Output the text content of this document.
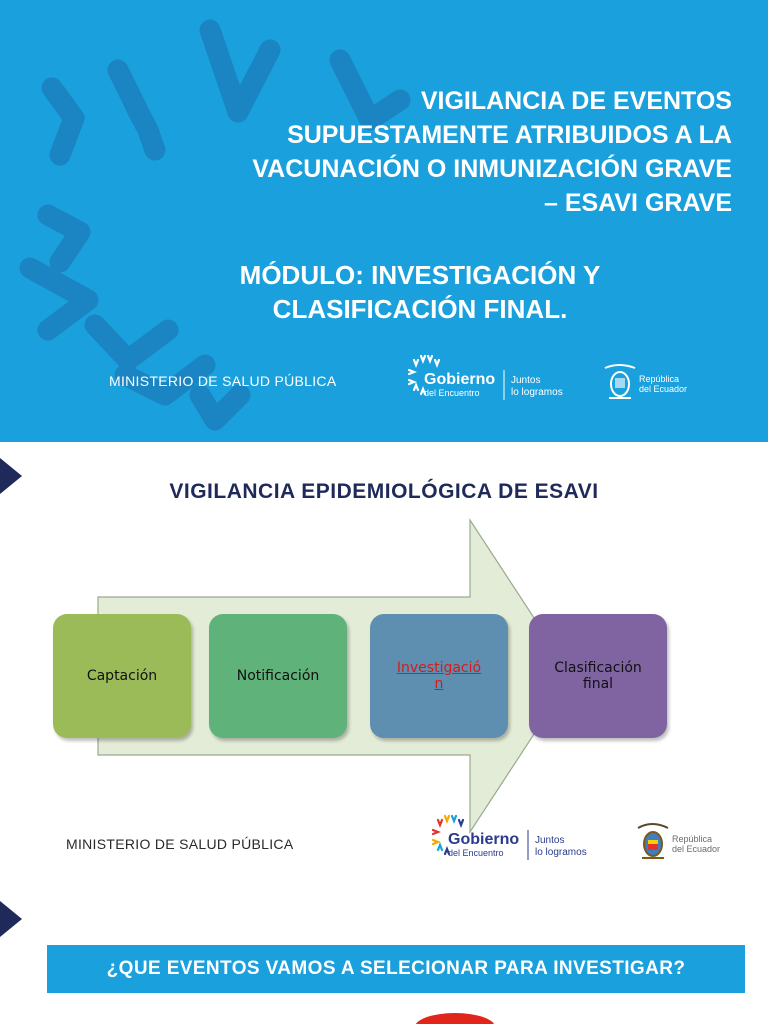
VIGILANCIA DE EVENTOS
SUPUESTAMENTE ATRIBUIDOS A LA
VACUNACIÓN O INMUNIZACIÓN GRAVE
– ESAVI GRAVE
MÓDULO: INVESTIGACIÓN Y
CLASIFICACIÓN FINAL.
MINISTERIO DE SALUD PÚBLICA	Gobierno
del Encuentro
Juntos
lo logramos
República
del Ecuador
VIGILANCIA EPIDEMIOLÓGICA DE ESAVI
Captación	Notificación	Investigació
n
Clasificación
final
MINISTERIO DE SALUD PÚBLICA	Gobierno
del Encuentro
Juntos
lo logramos
República
del Ecuador
¿QUE EVENTOS VAMOS A SELECIONAR PARA INVESTIGAR?
